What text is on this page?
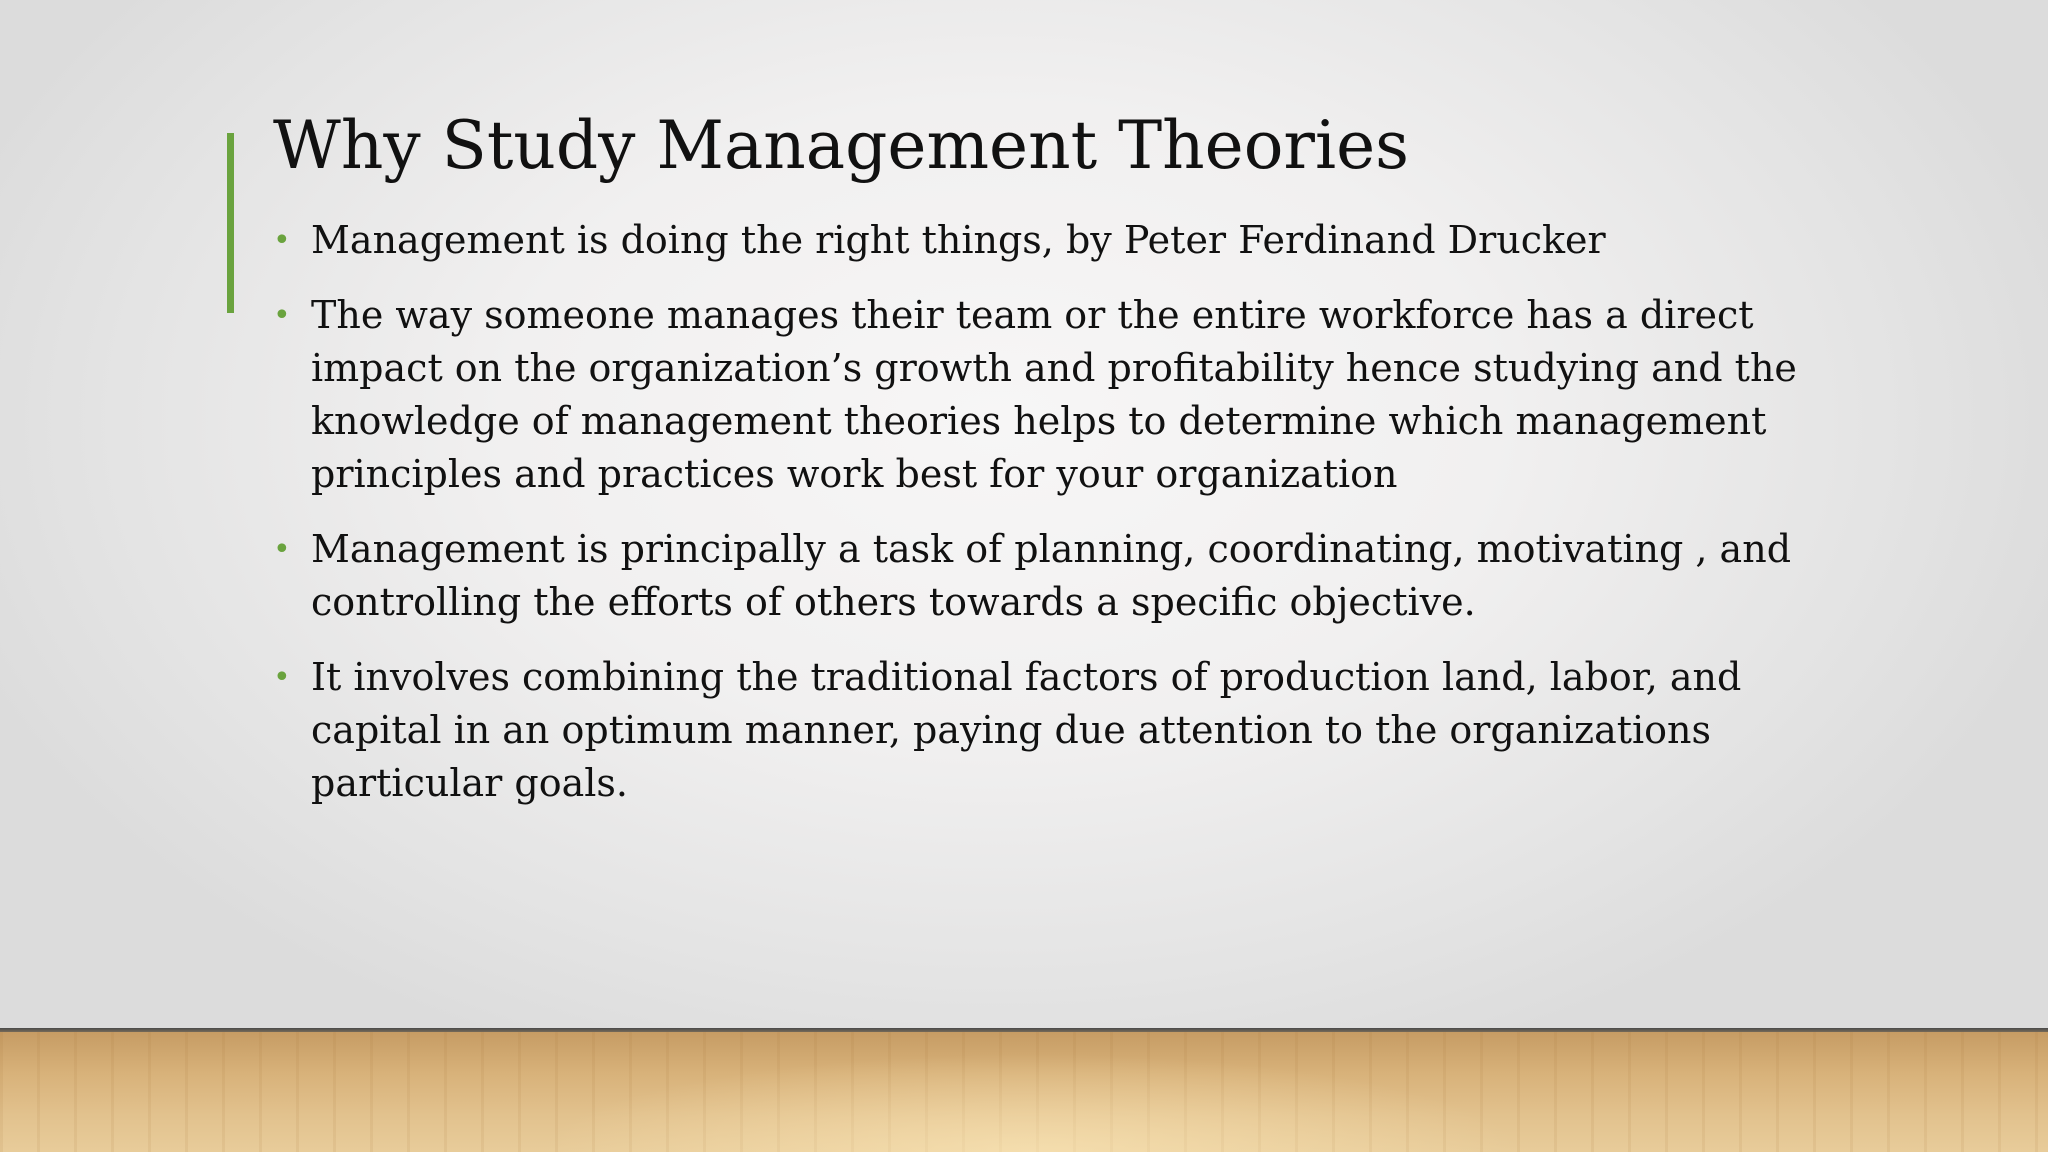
Why Study Management Theories
• Management is doing the right things, by Peter Ferdinand Drucker
• The way someone manages their team or the entire workforce has a direct impact on the organization’s growth and profitability hence studying and the knowledge of management theories helps to determine which management principles and practices work best for your organization
• Management is principally a task of planning, coordinating, motivating , and controlling the efforts of others towards a specific objective.
• It involves combining the traditional factors of production land, labor, and capital in an optimum manner, paying due attention to the organizations particular goals.
